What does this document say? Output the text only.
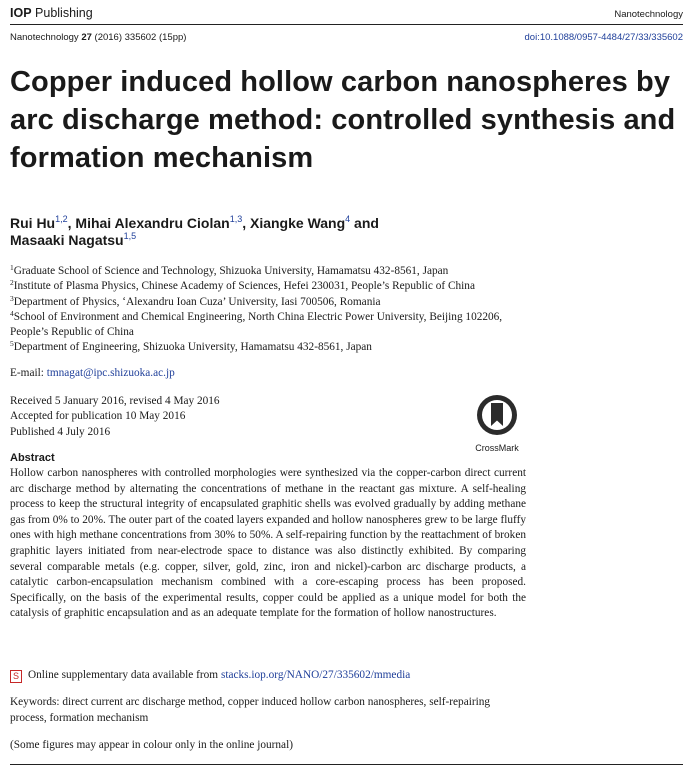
IOP Publishing	Nanotechnology
Nanotechnology 27 (2016) 335602 (15pp)	doi:10.1088/0957-4484/27/33/335602
Copper induced hollow carbon nanospheres by arc discharge method: controlled synthesis and formation mechanism
Rui Hu$^{1,2}$, Mihai Alexandru Ciolan$^{1,3}$, Xiangke Wang$^4$ and
Masaaki Nagatsu$^{1,5}$
$^1$Graduate School of Science and Technology, Shizuoka University, Hamamatsu 432-8561, Japan
$^2$Institute of Plasma Physics, Chinese Academy of Sciences, Hefei 230031, People’s Republic of China
$^3$Department of Physics, ‘Alexandru Ioan Cuza’ University, Iasi 700506, Romania
$^4$School of Environment and Chemical Engineering, North China Electric Power University, Beijing 102206, People’s Republic of China
$^5$Department of Engineering, Shizuoka University, Hamamatsu 432-8561, Japan
E-mail: tmnagat@ipc.shizuoka.ac.jp
Received 5 January 2016, revised 4 May 2016
Accepted for publication 10 May 2016
Published 4 July 2016
CrossMark
Abstract
Hollow carbon nanospheres with controlled morphologies were synthesized via the copper-carbon direct current arc discharge method by alternating the concentrations of methane in the reactant gas mixture. A self-healing process to keep the structural integrity of encapsulated graphitic shells was evolved gradually by adding methane gas from 0% to 20%. The outer part of the coated layers expanded and hollow nanospheres grew to be large fluffy ones with high methane concentrations from 30% to 50%. A self-repairing function by the reattachment of broken graphitic layers initiated from near-electrode space to distance was also distinctly exhibited. By comparing several comparable metals (e.g. copper, silver, gold, zinc, iron and nickel)-carbon arc discharge products, a catalytic carbon-encapsulation mechanism combined with a core-escaping process has been proposed. Specifically, on the basis of the experimental results, copper could be applied as a unique model for both the catalysis of graphitic encapsulation and as an adequate template for the formation of hollow nanostructures.
S Online supplementary data available from stacks.iop.org/NANO/27/335602/mmedia
Keywords: direct current arc discharge method, copper induced hollow carbon nanospheres, self-repairing process, formation mechanism
(Some figures may appear in colour only in the online journal)
